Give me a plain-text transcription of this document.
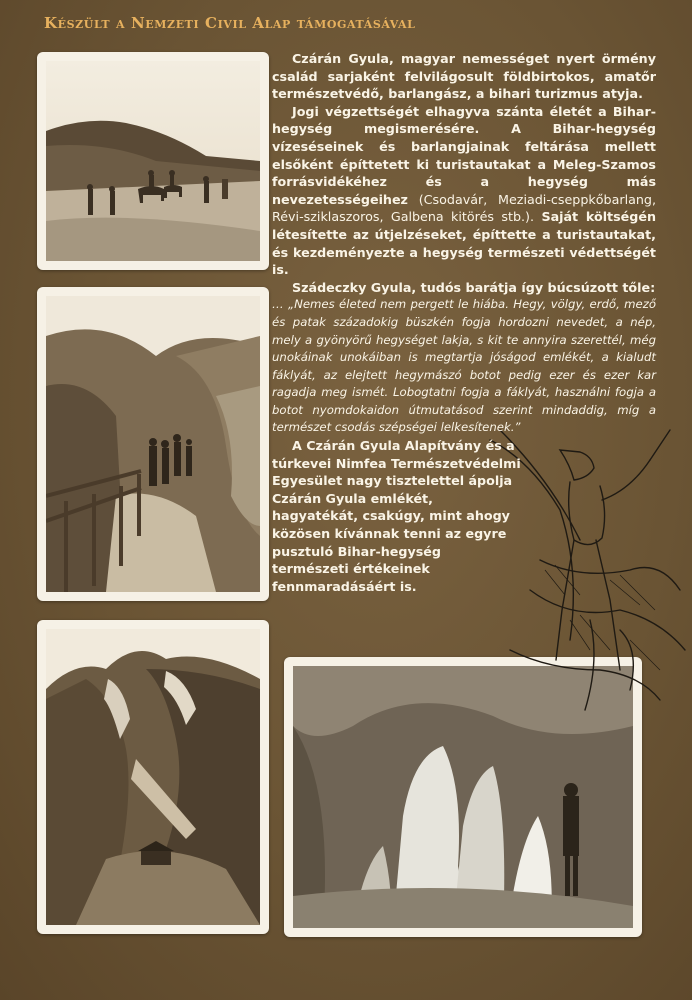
Készült a Nemzeti Civil Alap támogatásával

Czárán Gyula, magyar nemességet nyert örmény család sarjaként felvilágosult földbirtokos, amatőr természetvédő, barlangász, a bihari turizmus atyja.

Jogi végzettségét elhagyva szánta életét a Bihar-hegység megismerésére. A Bihar-hegység vízeséseinek és barlangjainak feltárása mellett elsőként építtetett ki turistautakat a Meleg-Szamos forrásvidékéhez és a hegység más nevezetességeihez (Csodavár, Meziadi-cseppkőbarlang, Révi-sziklaszoros, Galbena kitörés stb.). Saját költségén létesítette az útjelzéseket, építtette a turistautakat, és kezdeményezte a hegység természeti védettségét is.

Szádeczky Gyula, tudós barátja így búcsúzott tőle:

… „Nemes életed nem pergett le hiába. Hegy, völgy, erdő, mező és patak századokig büszkén fogja hordozni nevedet, a nép, mely a gyönyörű hegységet lakja, s kit te annyira szerettél, még unokáinak unokáiban is megtartja jóságod emlékét, a kialudt fáklyát, az elejtett hegymászó botot pedig ezer és ezer kar ragadja meg ismét. Lobogtatni fogja a fáklyát, használni fogja a botot nyomdokaidon útmutatásod szerint mindaddig, míg a természet csodás szépségei lelkesítenek.”

A Czárán Gyula Alapítvány és a túrkevei Nimfea Természetvédelmi Egyesület nagy tisztelettel ápolja Czárán Gyula emlékét, hagyatékát, csakúgy, mint ahogy közösen kívánnak tenni az egyre pusztuló Bihar-hegység természeti értékeinek fennmaradásáért is.
